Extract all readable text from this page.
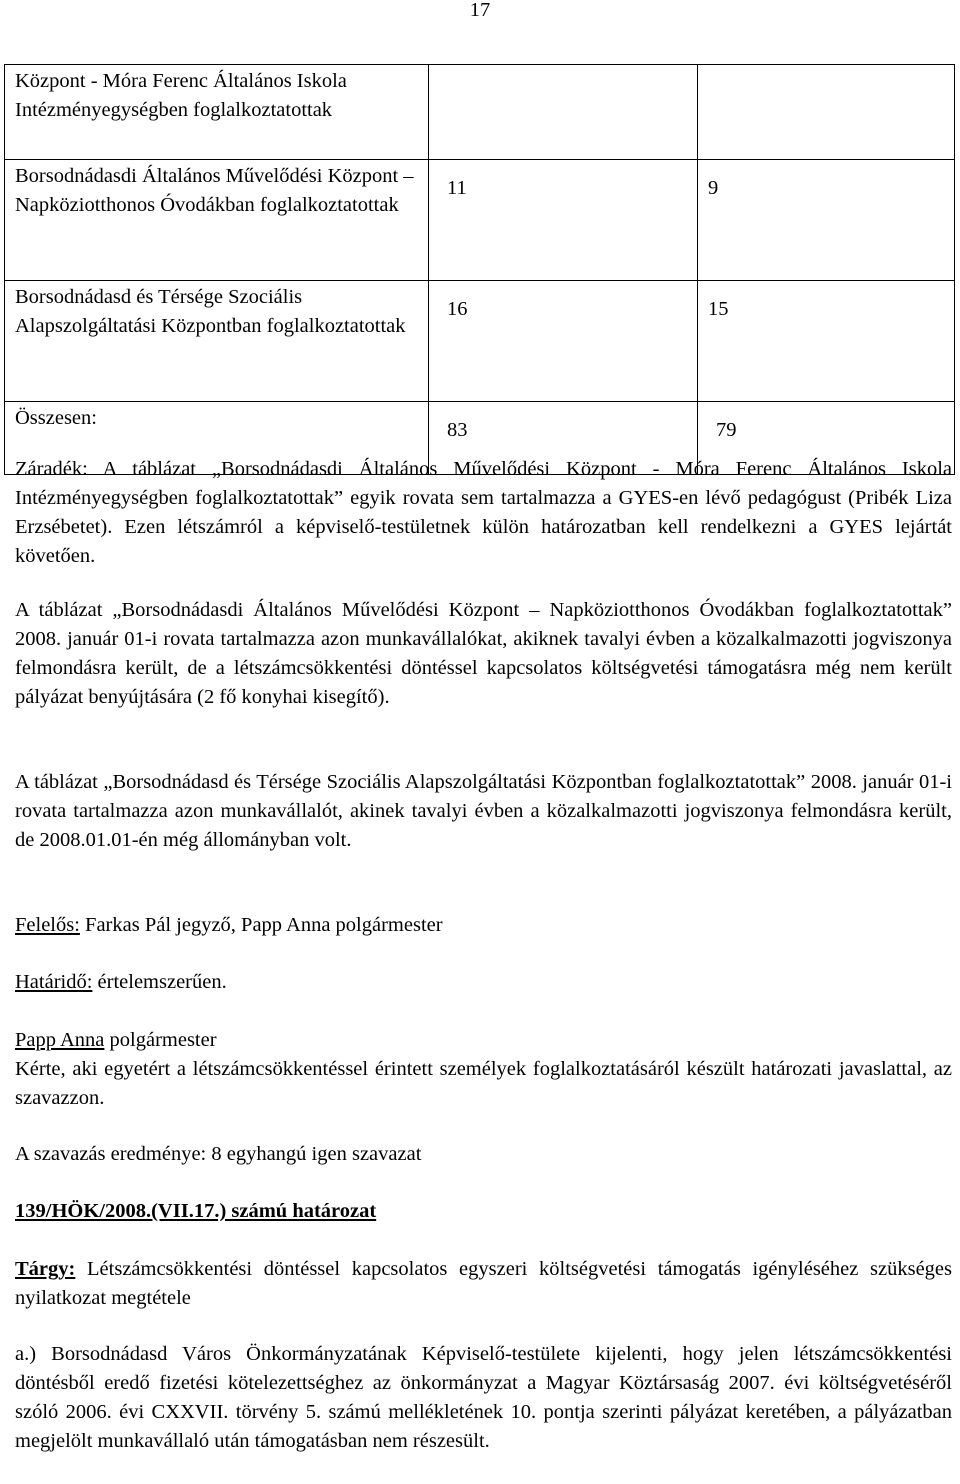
17
Központ - Móra Ferenc Általános Iskola Intézményegységben foglalkoztatottak		
Borsodnádasdi Általános Művelődési Központ – Napköziotthonos Óvodákban foglalkoztatottak	11	9
Borsodnádasd és Térsége Szociális Alapszolgáltatási Központban foglalkoztatottak	16	15
Összesen:	83	79

Záradék: A táblázat „Borsodnádasdi Általános Művelődési Központ - Móra Ferenc Általános Iskola Intézményegységben foglalkoztatottak” egyik rovata sem tartalmazza a GYES-en lévő pedagógust (Pribék Liza Erzsébetet). Ezen létszámról a képviselő-testületnek külön határozatban kell rendelkezni a GYES lejártát követően.

A táblázat „Borsodnádasdi Általános Művelődési Központ – Napköziotthonos Óvodákban foglalkoztatottak” 2008. január 01-i rovata tartalmazza azon munkavállalókat, akiknek tavalyi évben a közalkalmazotti jogviszonya felmondásra került, de a létszámcsökkentési döntéssel kapcsolatos költségvetési támogatásra még nem került pályázat benyújtására (2 fő konyhai kisegítő).

A táblázat „Borsodnádasd és Térsége Szociális Alapszolgáltatási Központban foglalkoztatottak” 2008. január 01-i rovata tartalmazza azon munkavállalót, akinek tavalyi évben a közalkalmazotti jogviszonya felmondásra került, de 2008.01.01-én még állományban volt.

Felelős: Farkas Pál jegyző, Papp Anna polgármester

Határidő: értelemszerűen.

Papp Anna polgármester

Kérte, aki egyetért a létszámcsökkentéssel érintett személyek foglalkoztatásáról készült határozati javaslattal, az szavazzon.

A szavazás eredménye: 8 egyhangú igen szavazat

139/HÖK/2008.(VII.17.) számú határozat

Tárgy: Létszámcsökkentési döntéssel kapcsolatos egyszeri költségvetési támogatás igényléséhez szükséges nyilatkozat megtétele

a.) Borsodnádasd Város Önkormányzatának Képviselő-testülete kijelenti, hogy jelen létszámcsökkentési döntésből eredő fizetési kötelezettséghez az önkormányzat a Magyar Köztársaság 2007. évi költségvetéséről szóló 2006. évi CXXVII. törvény 5. számú mellékletének 10. pontja szerinti pályázat keretében, a pályázatban megjelölt munkavállaló után támogatásban nem részesült.
